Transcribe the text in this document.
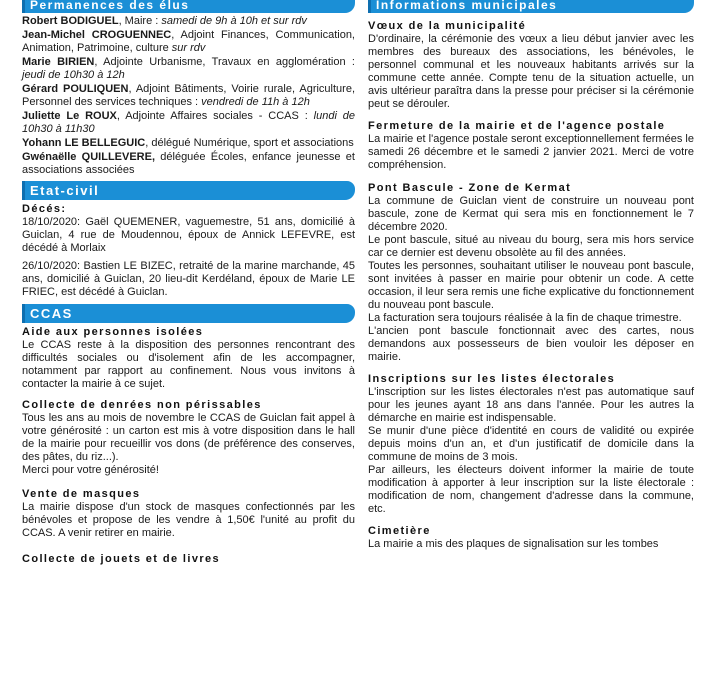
Permanences des élus

Robert BODIGUEL, Maire : samedi de 9h à 10h et sur rdv

Jean-Michel CROGUENNEC, Adjoint Finances, Communication, Animation, Patrimoine, culture sur rdv

Marie BIRIEN, Adjointe Urbanisme, Travaux en agglomération : jeudi de 10h30 à 12h

Gérard POULIQUEN, Adjoint Bâtiments, Voirie rurale, Agriculture, Personnel des services techniques : vendredi de 11h à 12h

Juliette Le ROUX, Adjointe Affaires sociales - CCAS : lundi de 10h30 à 11h30

Yohann LE BELLEGUIC, délégué Numérique, sport et associations

Gwénaëlle QUILLEVERE, déléguée Écoles, enfance jeunesse et associations associées

Etat-civil
Décés:

18/10/2020: Gaël QUEMENER, vaguemestre, 51 ans, domicilié à Guiclan, 4 rue de Moudennou, époux de Annick LEFEVRE, est décédé à Morlaix

26/10/2020: Bastien LE BIZEC, retraité de la marine marchande, 45 ans, domicilié à Guiclan, 20 lieu-dit Kerdéland, époux de Marie LE FRIEC, est décédé à Guiclan.

CCAS
Aide aux personnes isolées

Le CCAS reste à la disposition des personnes rencontrant des difficultés sociales ou d'isolement afin de les accompagner, notamment par rapport au confinement. Nous vous invitons à contacter la mairie à ce sujet.

Collecte de denrées non périssables

Tous les ans au mois de novembre le CCAS de Guiclan fait appel à votre générosité : un carton est mis à votre disposition dans le hall de la mairie pour recueillir vos dons (de préférence des conserves, des pâtes, du riz...).

Merci pour votre générosité!

Vente de masques

La mairie dispose d'un stock de masques confectionnés par les bénévoles et propose de les vendre à 1,50€ l'unité au profit du CCAS. A venir retirer en mairie.

Collecte de jouets et de livres
Informations municipales
Vœux de la municipalité

D'ordinaire, la cérémonie des vœux a lieu début janvier avec les membres des bureaux des associations, les bénévoles, le personnel communal et les nouveaux habitants arrivés sur la commune cette année. Compte tenu de la situation actuelle, un avis ultérieur paraîtra dans la presse pour préciser si la cérémonie peut se dérouler.

Fermeture de la mairie et de l'agence postale

La mairie et l'agence postale seront exceptionnellement fermées le samedi 26 décembre et le samedi 2 janvier 2021. Merci de votre compréhension.

Pont Bascule - Zone de Kermat

La commune de Guiclan vient de construire un nouveau pont bascule, zone de Kermat qui sera mis en fonctionnement le 7 décembre 2020.

Le pont bascule, situé au niveau du bourg, sera mis hors service car ce dernier est devenu obsolète au fil des années.

Toutes les personnes, souhaitant utiliser le nouveau pont bascule, sont invitées à passer en mairie pour obtenir un code. A cette occasion, il leur sera remis une fiche explicative du fonctionnement du nouveau pont bascule.

La facturation sera toujours réalisée à la fin de chaque trimestre.

L'ancien pont bascule fonctionnait avec des cartes, nous demandons aux possesseurs de bien vouloir les déposer en mairie.

Inscriptions sur les listes électorales

L'inscription sur les listes électorales n'est pas automatique sauf pour les jeunes ayant 18 ans dans l'année. Pour les autres la démarche en mairie est indispensable.

Se munir d'une pièce d'identité en cours de validité ou expirée depuis moins d'un an, et d'un justificatif de domicile dans la commune de moins de 3 mois.

Par ailleurs, les électeurs doivent informer la mairie de toute modification à apporter à leur inscription sur la liste électorale : modification de nom, changement d'adresse dans la commune, etc.

Cimetière

La mairie a mis des plaques de signalisation sur les tombes
